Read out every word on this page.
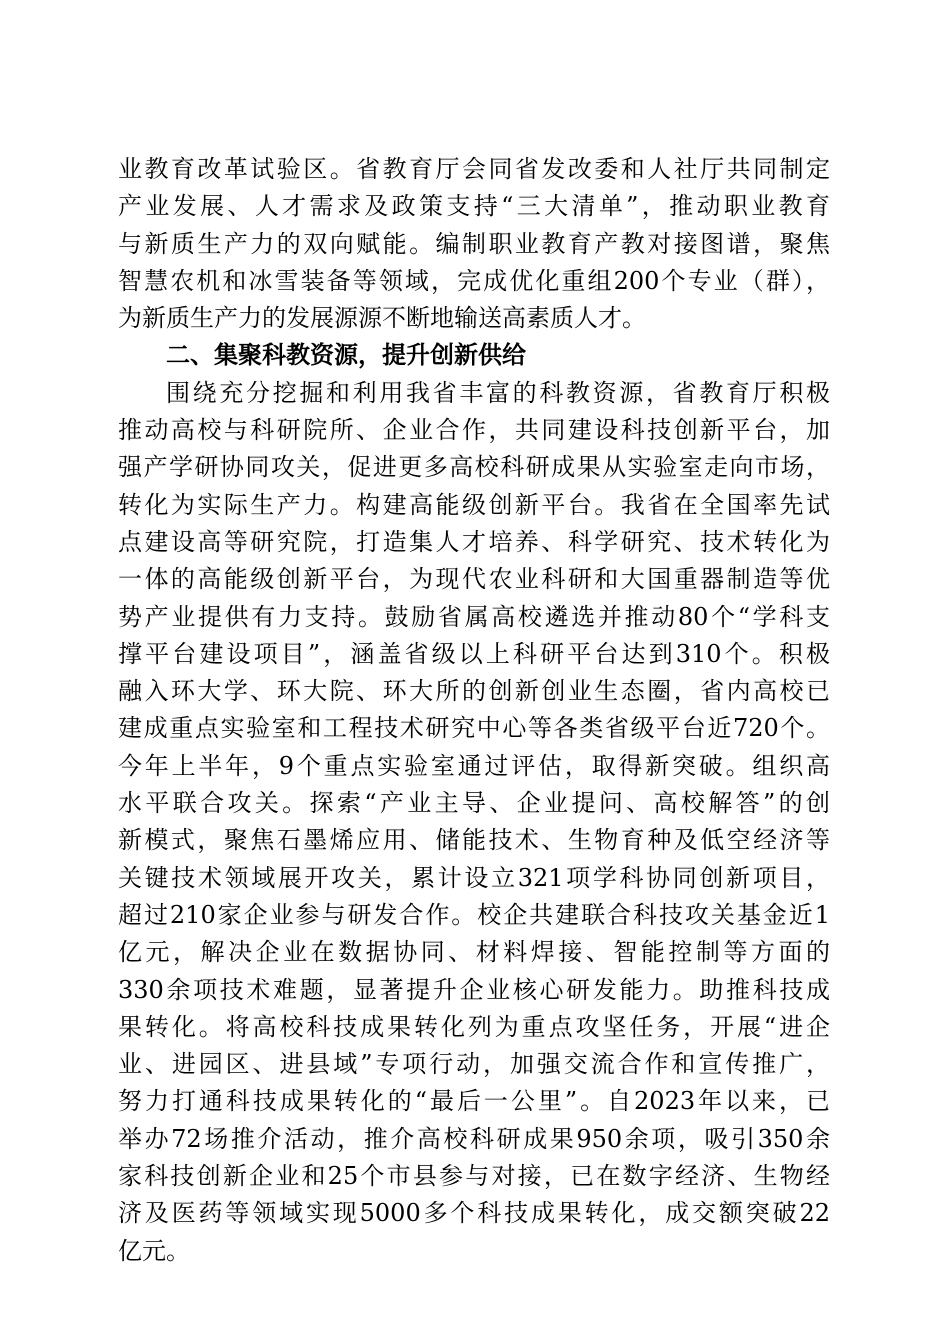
业教育改革试验区。省教育厅会同省发改委和人社厅共同制定
产业发展、人才需求及政策支持“三大清单”，推动职业教育
与新质生产力的双向赋能。编制职业教育产教对接图谱，聚焦
智慧农机和冰雪装备等领域，完成优化重组200个专业（群），
为新质生产力的发展源源不断地输送高素质人才。
二、集聚科教资源，提升创新供给
围绕充分挖掘和利用我省丰富的科教资源，省教育厅积极
推动高校与科研院所、企业合作，共同建设科技创新平台，加
强产学研协同攻关，促进更多高校科研成果从实验室走向市场，
转化为实际生产力。构建高能级创新平台。我省在全国率先试
点建设高等研究院，打造集人才培养、科学研究、技术转化为
一体的高能级创新平台，为现代农业科研和大国重器制造等优
势产业提供有力支持。鼓励省属高校遴选并推动80个“学科支
撑平台建设项目”，涵盖省级以上科研平台达到310个。积极
融入环大学、环大院、环大所的创新创业生态圈，省内高校已
建成重点实验室和工程技术研究中心等各类省级平台近720个。
今年上半年，9个重点实验室通过评估，取得新突破。组织高
水平联合攻关。探索“产业主导、企业提问、高校解答”的创
新模式，聚焦石墨烯应用、储能技术、生物育种及低空经济等
关键技术领域展开攻关，累计设立321项学科协同创新项目，
超过210家企业参与研发合作。校企共建联合科技攻关基金近1
亿元，解决企业在数据协同、材料焊接、智能控制等方面的
330余项技术难题，显著提升企业核心研发能力。助推科技成
果转化。将高校科技成果转化列为重点攻坚任务，开展“进企
业、进园区、进县域”专项行动，加强交流合作和宣传推广，
努力打通科技成果转化的“最后一公里”。自2023年以来，已
举办72场推介活动，推介高校科研成果950余项，吸引350余
家科技创新企业和25个市县参与对接，已在数字经济、生物经
济及医药等领域实现5000多个科技成果转化，成交额突破22
亿元。
